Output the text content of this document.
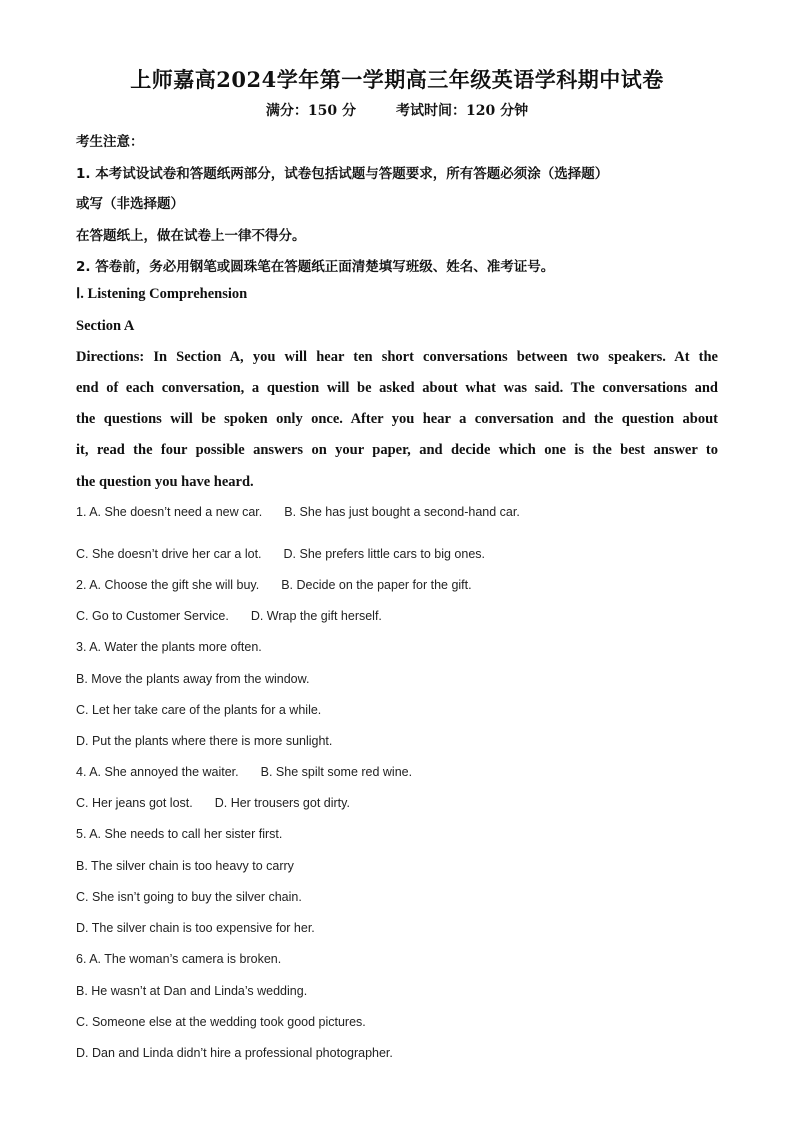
上师嘉高2024学年第一学期高三年级英语学科期中试卷
满分：150 分	考试时间：120 分钟
考生注意：
1. 本考试设试卷和答题纸两部分，试卷包括试题与答题要求，所有答题必须涂（选择题）
或写（非选择题）
在答题纸上，做在试卷上一律不得分。
2. 答卷前，务必用钢笔或圆珠笔在答题纸正面清楚填写班级、姓名、准考证号。
Ⅰ. Listening Comprehension
Section A
Directions: In Section A, you will hear ten short conversations between two speakers. At the
end of each conversation, a question will be asked about what was said. The conversations and
the questions will be spoken only once. After you hear a conversation and the question about
it, read the four possible answers on your paper, and decide which one is the best answer to
the question you have heard.
1. A. She doesn’t need a new car. B. She has just bought a second-hand car.
C. She doesn’t drive her car a lot. D. She prefers little cars to big ones.
2. A. Choose the gift she will buy. B. Decide on the paper for the gift.
C. Go to Customer Service. D. Wrap the gift herself.
3. A. Water the plants more often.
B. Move the plants away from the window.
C. Let her take care of the plants for a while.
D. Put the plants where there is more sunlight.
4. A. She annoyed the waiter. B. She spilt some red wine.
C. Her jeans got lost. D. Her trousers got dirty.
5. A. She needs to call her sister first.
B. The silver chain is too heavy to carry
C. She isn’t going to buy the silver chain.
D. The silver chain is too expensive for her.
6. A. The woman’s camera is broken.
B. He wasn’t at Dan and Linda’s wedding.
C. Someone else at the wedding took good pictures.
D. Dan and Linda didn’t hire a professional photographer.
